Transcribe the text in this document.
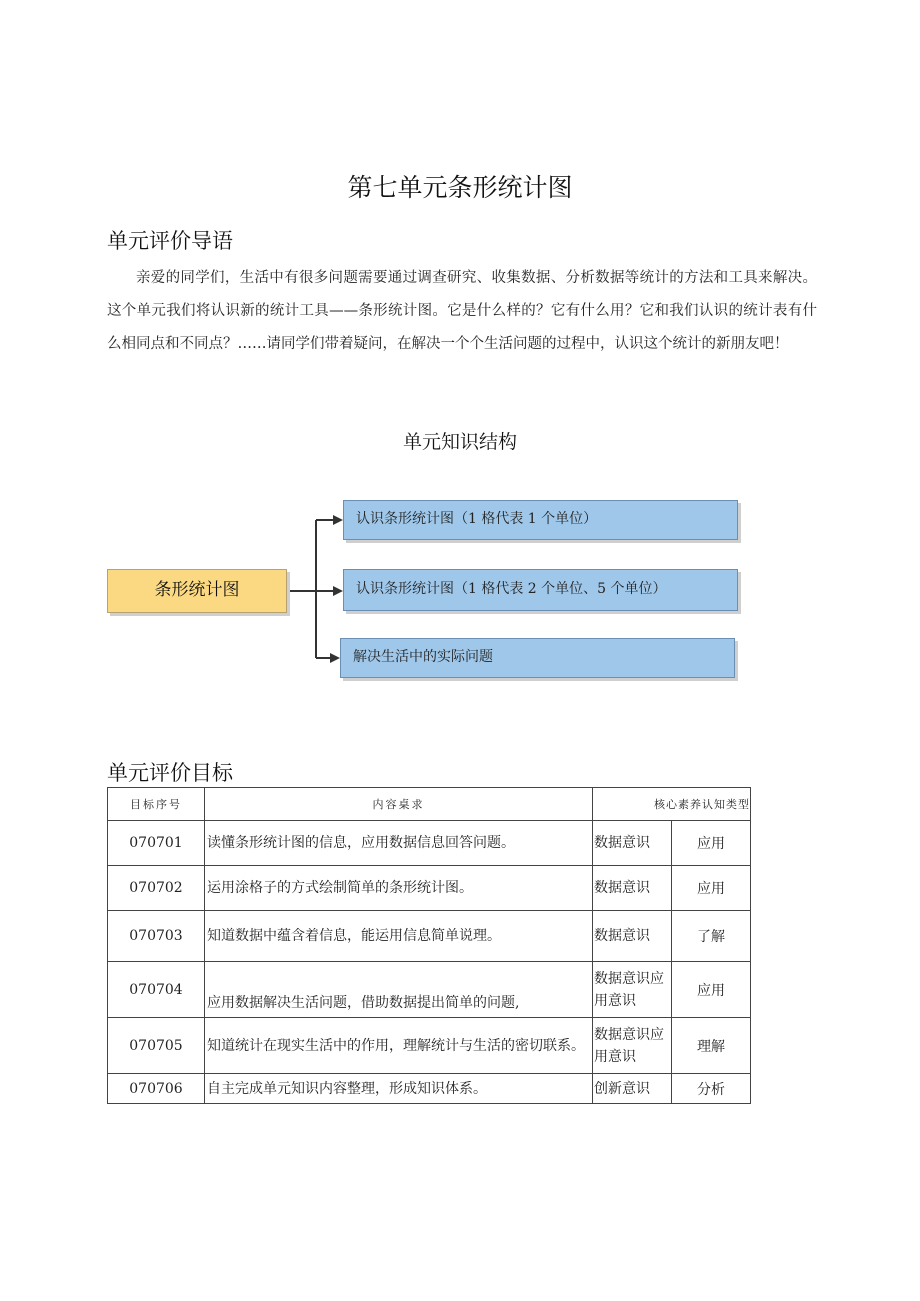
第七单元条形统计图
单元评价导语

亲爱的同学们，生活中有很多问题需要通过调查研究、收集数据、分析数据等统计的方法和工具来解决。这个单元我们将认识新的统计工具——条形统计图。它是什么样的？它有什么用？它和我们认识的统计表有什么相同点和不同点？……请同学们带着疑问，在解决一个个生活问题的过程中，认识这个统计的新朋友吧！

单元知识结构
条形统计图
认识条形统计图（1 格代表 1 个单位）
认识条形统计图（1 格代表 2 个单位、5 个单位）
解决生活中的实际问题
单元评价目标
目标序号	内容桌求	核心素养认知类型	
070701	读懂条形统计图的信息，应用数据信息回答问题。	数据意识	应用
070702	运用涂格子的方式绘制简单的条形统计图。	数据意识	应用
070703	知道数据中蕴含着信息，能运用信息简单说理。	数据意识	了解
070704	应用数据解决生活问题，借助数据提出简单的问题,	数据意识应用意识	应用
070705	知道统计在现实生活中的作用，理解统计与生活的密切联系。	数据意识应用意识	理解
070706	自主完成单元知识内容整理，形成知识体系。	创新意识	分析
